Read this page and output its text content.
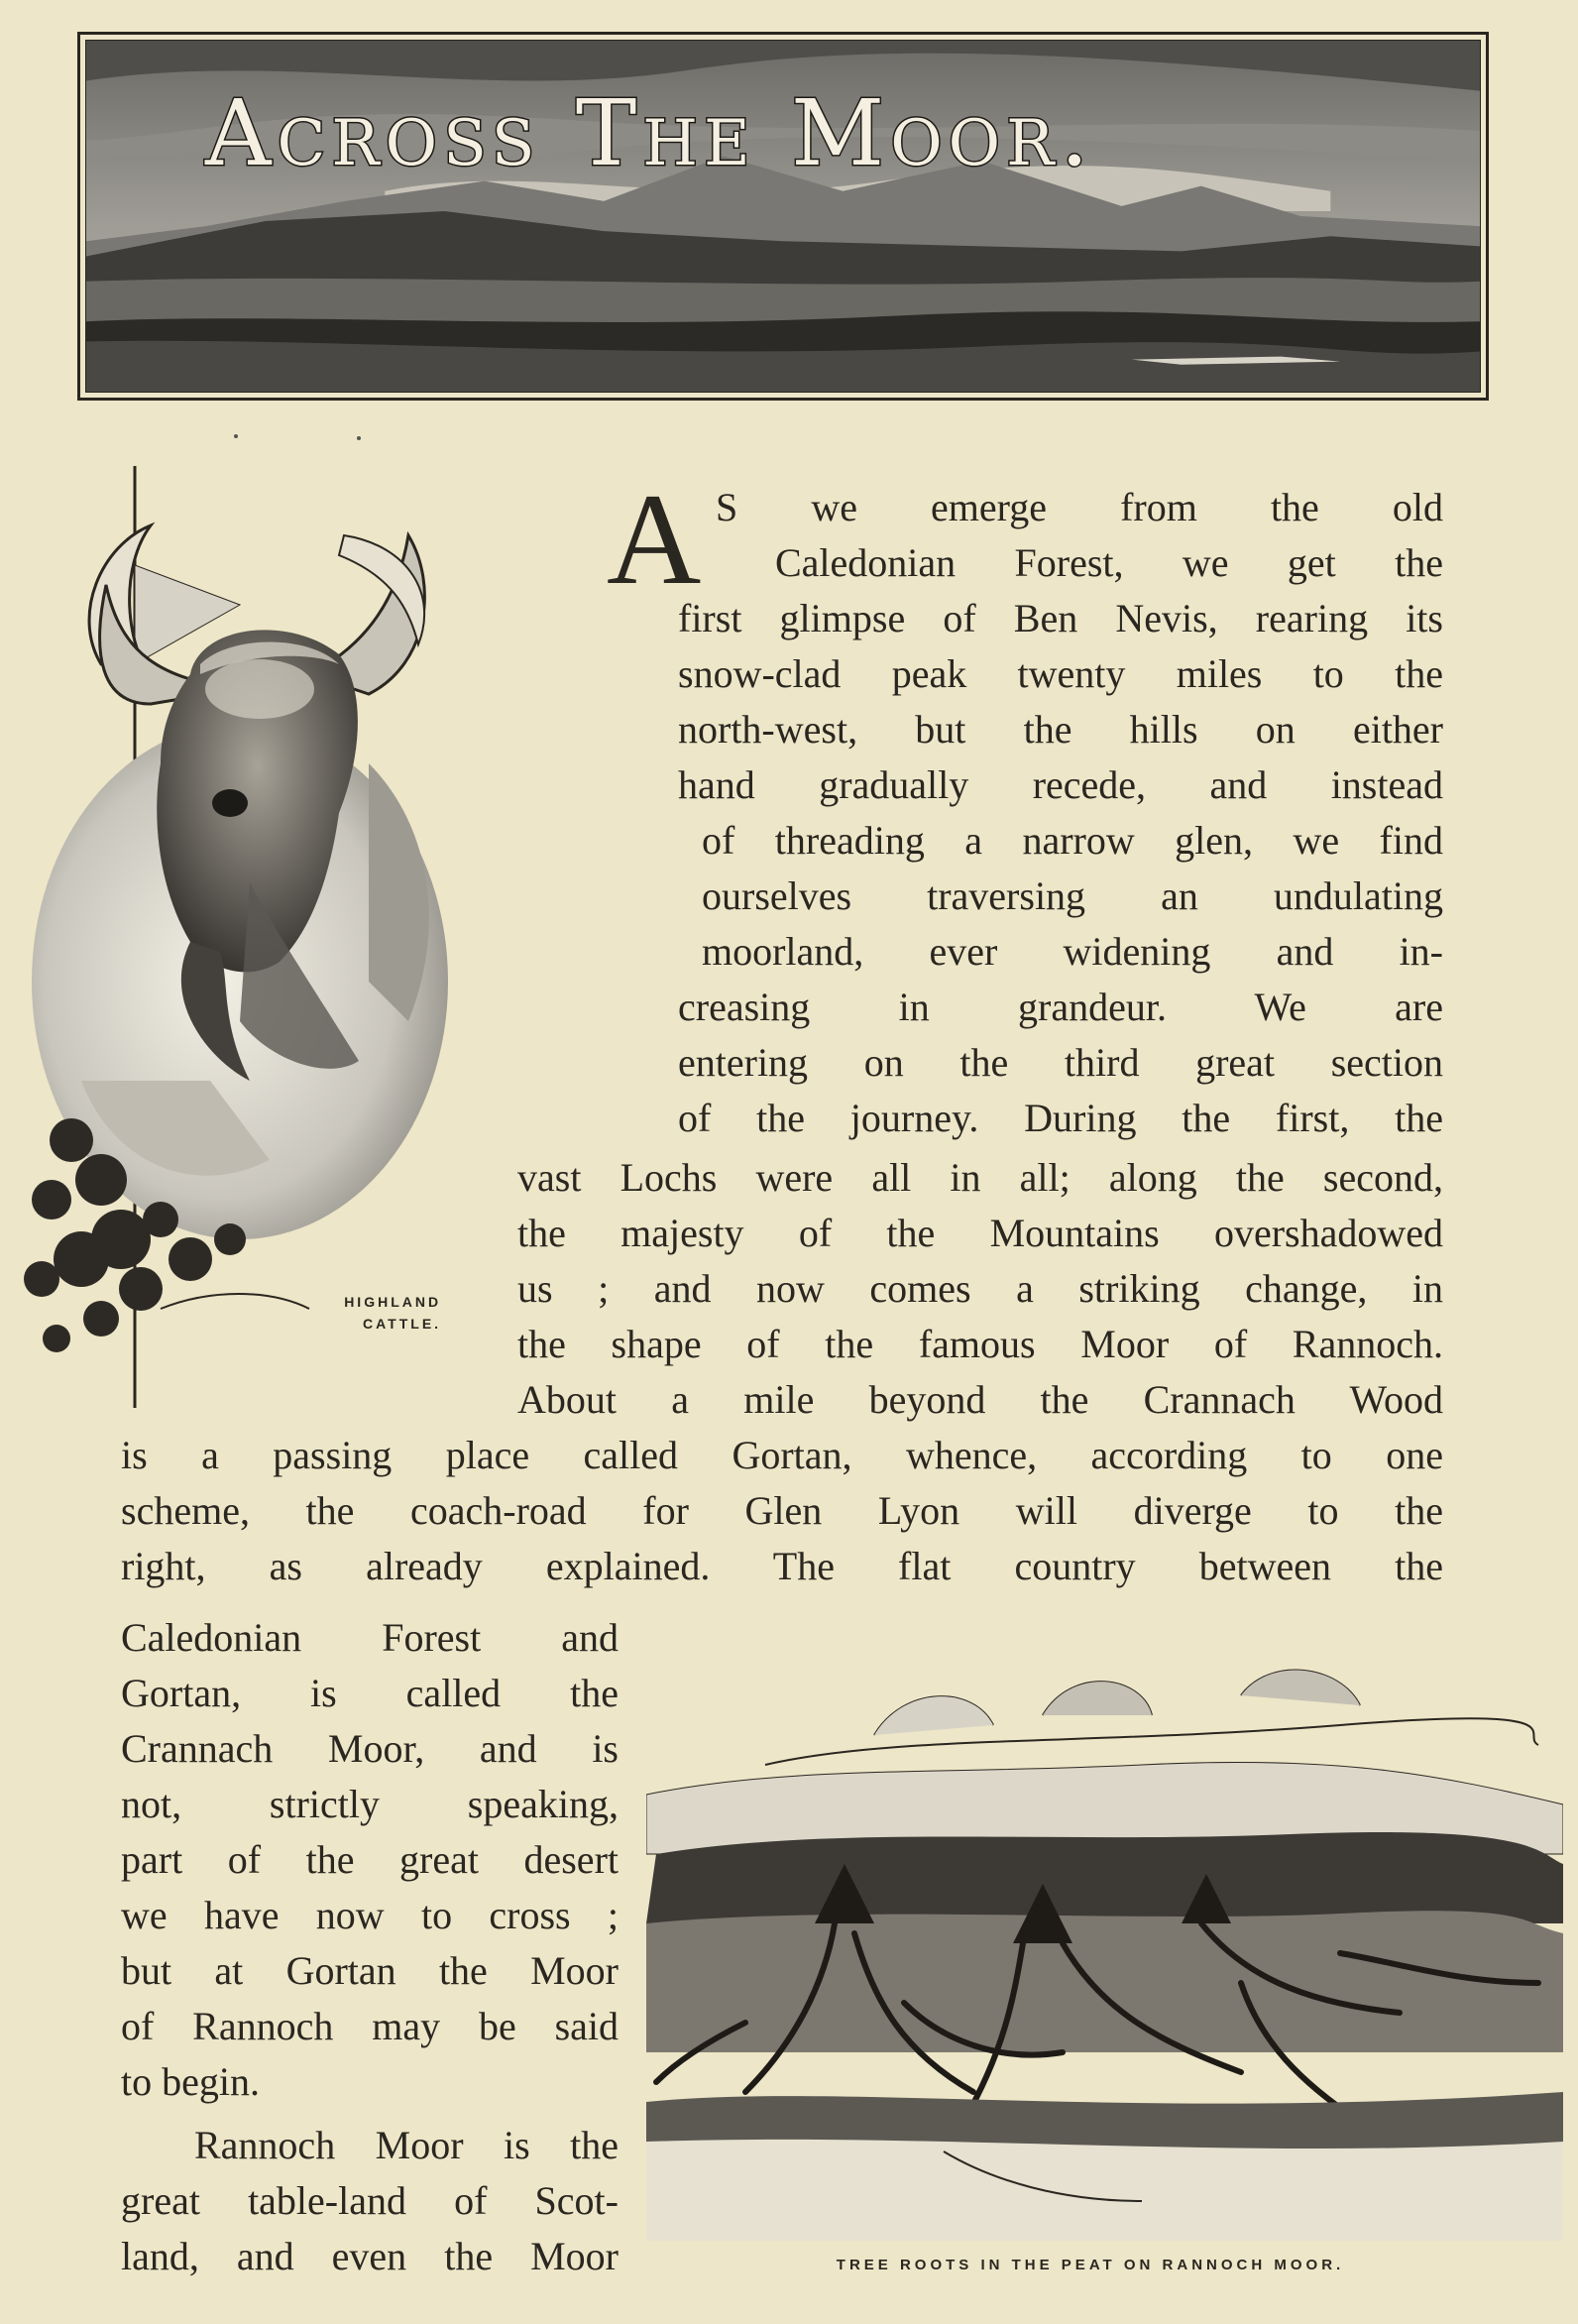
Across The Moor.
HIGHLAND
CATTLE.
A S we emerge from the old
Caledonian Forest, we get the
first glimpse of Ben Nevis, rearing its
snow-clad peak twenty miles to the
north-west, but the hills on either
hand gradually recede, and instead
of threading a narrow glen, we find
ourselves traversing an undulating
moorland, ever widening and in-
creasing in grandeur. We are
entering on the third great section
of the journey. During the first, the
vast Lochs were all in all; along the second,
the majesty of the Mountains overshadowed
us ; and now comes a striking change, in
the shape of the famous Moor of Rannoch.
About a mile beyond the Crannach Wood
is a passing place called Gortan, whence, according to one
scheme, the coach-road for Glen Lyon will diverge to the
right, as already explained. The flat country between the
Caledonian Forest and
Gortan, is called the
Crannach Moor, and is
not, strictly speaking,
part of the great desert
we have now to cross ;
but at Gortan the Moor
of Rannoch may be said
to begin.
Rannoch Moor is the
great table-land of Scot-
land, and even the Moor	TREE ROOTS IN THE PEAT ON RANNOCH MOOR.
